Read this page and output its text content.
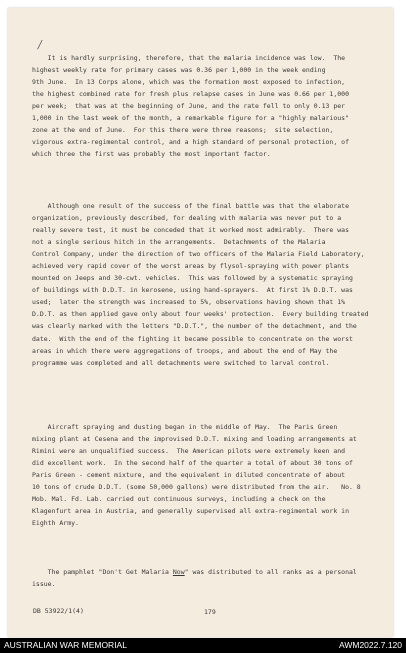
/

It is hardly surprising, therefore, that the malaria incidence was low.  The
highest weekly rate for primary cases was 0.36 per 1,000 in the week ending
9th June.  In 13 Corps alone, which was the formation most exposed to infection,
the highest combined rate for fresh plus relapse cases in June was 0.66 per 1,000
per week;  that was at the beginning of June, and the rate fell to only 0.13 per
1,000 in the last week of the month, a remarkable figure for a "highly malarious"
zone at the end of June.  For this there were three reasons;  site selection,
vigorous extra-regimental control, and a high standard of personal protection, of
which three the first was probably the most important factor.

Although one result of the success of the final battle was that the elaborate
organization, previously described, for dealing with malaria was never put to a
really severe test, it must be conceded that it worked most admirably.  There was
not a single serious hitch in the arrangements.  Detachments of the Malaria
Control Company, under the direction of two officers of the Malaria Field Laboratory,
achieved very rapid cover of the worst areas by flysol-spraying with power plants
mounted on Jeeps and 30-cwt. vehicles.  This was followed by a systematic spraying
of buildings with D.D.T. in kerosene, using hand-sprayers.  At first 1% D.D.T. was
used;  later the strength was increased to 5%, observations having shown that 1%
D.D.T. as then applied gave only about four weeks' protection.  Every building treated
was clearly marked with the letters "D.D.T.", the number of the detachment, and the
date.  With the end of the fighting it became possible to concentrate on the worst
areas in which there were aggregations of troops, and about the end of May the
programme was completed and all detachments were switched to larval control.

Aircraft spraying and dusting began in the middle of May.  The Paris Green
mixing plant at Cesena and the improvised D.D.T. mixing and loading arrangements at
Rimini were an unqualified success.  The American pilots were extremely keen and
did excellent work.  In the second half of the quarter a total of about 30 tons of
Paris Green - cement mixture, and the equivalent in diluted concentrate of about
10 tons of crude D.D.T. (some 50,000 gallons) were distributed from the air.   No. 8
Mob. Mal. Fd. Lab. carried out continuous surveys, including a check on the
Klagenfurt area in Austria, and generally supervised all extra-regimental work in
Eighth Army.

The pamphlet "Don't Get Malaria Now" was distributed to all ranks as a personal
issue.

DB 53922/1(4)	179
AUSTRALIAN WAR MEMORIAL	AWM2022.7.120
